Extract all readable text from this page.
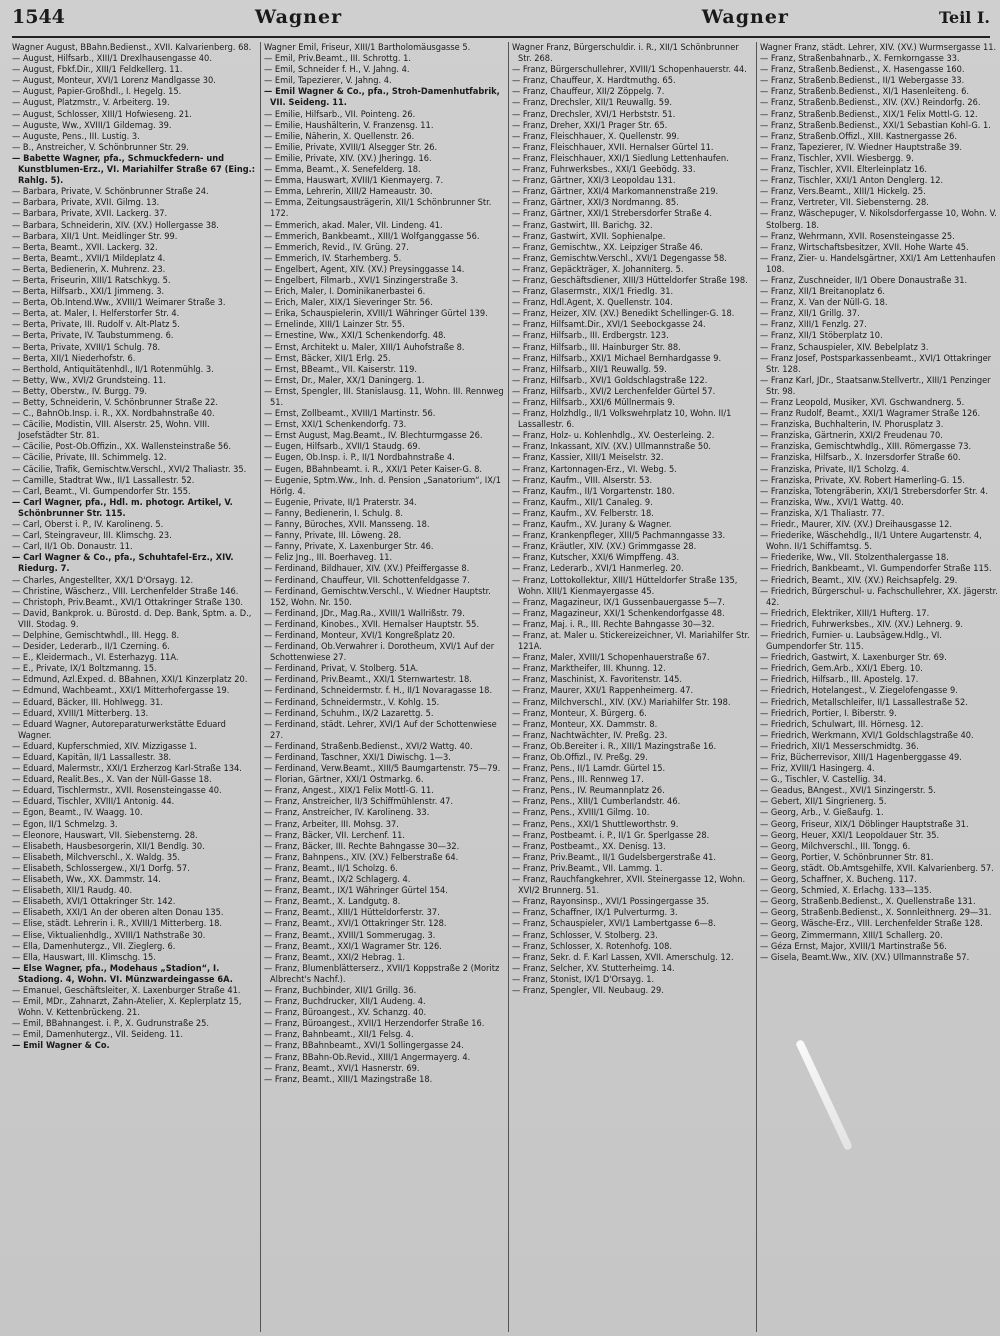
1544	Wagner	Wagner	Teil I.

Wagner August, BBahn.Bedienst., XVII. Kalvarienberg. 68.

— August, Hilfsarb., XIII/1 Drexlhausengasse 40.

— August, Fbkf.Dir., XIII/1 Feldkellerg. 11.

— August, Monteur, XVI/1 Lorenz Mandlgasse 30.

— August, Papier-Großhdl., I. Hegelg. 15.

— August, Platzmstr., V. Arbeiterg. 19.

— August, Schlosser, XIII/1 Hofwieseng. 21.

— Auguste, Ww., XVIII/1 Gildemag. 39.

— Auguste, Pens., III. Lustig. 3.

— B., Anstreicher, V. Schönbrunner Str. 29.

— Babette Wagner, pfa., Schmuckfedern- und Kunstblumen-Erz., VI. Mariahilfer Straße 67 (Eing.: Rahlg. 5).

— Barbara, Private, V. Schönbrunner Straße 24.

— Barbara, Private, XVII. Gilmg. 13.

— Barbara, Private, XVII. Lackerg. 37.

— Barbara, Schneiderin, XIV. (XV.) Hollergasse 38.

— Barbara, XII/1 Unt. Meidlinger Str. 99.

— Berta, Beamt., XVII. Lackerg. 32.

— Berta, Beamt., XVII/1 Mildeplatz 4.

— Berta, Bedienerin, X. Muhrenz. 23.

— Berta, Friseurin, XIII/1 Ratschkyg. 5.

— Berta, Hilfsarb., XXI/1 Jimmeng. 3.

— Berta, Ob.Intend.Ww., XVIII/1 Weimarer Straße 3.

— Berta, at. Maler, I. Helferstorfer Str. 4.

— Berta, Private, III. Rudolf v. Alt-Platz 5.

— Berta, Private, IV. Taubstummeng. 6.

— Berta, Private, XVIII/1 Schulg. 78.

— Berta, XII/1 Niederhofstr. 6.

— Berthold, Antiquitätenhdl., II/1 Rotenmühlg. 3.

— Betty, Ww., XVI/2 Grundsteing. 11.

— Betty, Oberstw., IV. Burgg. 79.

— Betty, Schneiderin, V. Schönbrunner Straße 22.

— C., BahnOb.Insp. i. R., XX. Nordbahnstraße 40.

— Cäcilie, Modistin, VIII. Alserstr. 25, Wohn. VIII. Josefstädter Str. 81.

— Cäcilie, Post-Ob.Offizin., XX. Wallensteinstraße 56.

— Cäcilie, Private, III. Schimmelg. 12.

— Cäcilie, Trafik, Gemischtw.Verschl., XVI/2 Thaliastr. 35.

— Camille, Stadtrat Ww., II/1 Lassallestr. 52.

— Carl, Beamt., VI. Gumpendorfer Str. 155.

— Carl Wagner, pfa., Hdl. m. photogr. Artikel, V. Schönbrunner Str. 115.

— Carl, Oberst i. P., IV. Karolineng. 5.

— Carl, Steingraveur, III. Klimschg. 23.

— Carl, II/1 Ob. Donaustr. 11.

— Carl Wagner & Co., pfa., Schuhtafel-Erz., XIV. Riedurg. 7.

— Charles, Angestellter, XX/1 D'Orsayg. 12.

— Christine, Wäscherz., VIII. Lerchenfelder Straße 146.

— Christoph, Priv.Beamt., XVI/1 Ottakringer Straße 130.

— David, Bankprok. u. Bürostd. d. Dep. Bank, Sptm. a. D., VIII. Stodag. 9.

— Delphine, Gemischtwhdl., III. Hegg. 8.

— Desider, Lederarb., II/1 Czerning. 6.

— E., Kleidermach., VI. Esterhazyg. 11A.

— E., Private, IX/1 Boltzmanng. 15.

— Edmund, Azl.Exped. d. BBahnen, XXI/1 Kinzerplatz 20.

— Edmund, Wachbeamt., XXI/1 Mitterhofergasse 19.

— Eduard, Bäcker, III. Hohlwegg. 31.

— Eduard, XVIII/1 Mitterberg. 13.

— Eduard Wagner, Autoreparaturwerkstätte Eduard Wagner.

— Eduard, Kupferschmied, XIV. Mizzigasse 1.

— Eduard, Kapitän, II/1 Lassallestr. 38.

— Eduard, Malermstr., XXI/1 Erzherzog Karl-Straße 134.

— Eduard, Realit.Bes., X. Van der Nüll-Gasse 18.

— Eduard, Tischlermstr., XVII. Rosensteingasse 40.

— Eduard, Tischler, XVIII/1 Antonig. 44.

— Egon, Beamt., IV. Waagg. 10.

— Egon, II/1 Schmelzg. 3.

— Eleonore, Hauswart, VII. Siebensterng. 28.

— Elisabeth, Hausbesorgerin, XII/1 Bendlg. 30.

— Elisabeth, Milchverschl., X. Waldg. 35.

— Elisabeth, Schlossergew., XI/1 Dorfg. 57.

— Elisabeth, Ww., XX. Dammstr. 14.

— Elisabeth, XII/1 Raudg. 40.

— Elisabeth, XVI/1 Ottakringer Str. 142.

— Elisabeth, XXI/1 An der oberen alten Donau 135.

— Elise, städt. Lehrerin i. R., XVIII/1 Mitterberg. 18.

— Elise, Viktualienhdlg., XVIII/1 Nathstraße 30.

— Ella, Damenhutergz., VII. Zieglerg. 6.

— Ella, Hauswart, III. Klimschg. 15.

— Else Wagner, pfa., Modehaus „Stadion“, I. Stadiong. 4, Wohn. VI. Münzwardeingasse 6A.

— Emanuel, Geschäftsleiter, X. Laxenburger Straße 41.

— Emil, MDr., Zahnarzt, Zahn-Atelier, X. Keplerplatz 15, Wohn. V. Kettenbrückeng. 21.

— Emil, BBahnangest. i. P., X. Gudrunstraße 25.

— Emil, Damenhutergz., VII. Seideng. 11.

— Emil Wagner & Co.

Wagner Emil, Friseur, XIII/1 Bartholomäusgasse 5.

— Emil, Priv.Beamt., III. Schrottg. 1.

— Emil, Schneider f. H., V. Jahng. 4.

— Emil, Tapezierer, V. Jahng. 4.

— Emil Wagner & Co., pfa., Stroh-Damenhutfabrik, VII. Seideng. 11.

— Emilie, Hilfsarb., VII. Pointeng. 26.

— Emilie, Haushälterin, V. Franzensg. 11.

— Emilie, Näherin, X. Quellenstr. 26.

— Emilie, Private, XVIII/1 Alsegger Str. 26.

— Emilie, Private, XIV. (XV.) Jheringg. 16.

— Emma, Beamt., X. Senefelderg. 18.

— Emma, Hauswart, XVIII/1 Kienmayerg. 7.

— Emma, Lehrerin, XIII/2 Hameaustr. 30.

— Emma, Zeitungsausträgerin, XII/1 Schönbrunner Str. 172.

— Emmerich, akad. Maler, VII. Lindeng. 41.

— Emmerich, Bankbeamt., XIII/1 Wolfganggasse 56.

— Emmerich, Revid., IV. Grüng. 27.

— Emmerich, IV. Starhemberg. 5.

— Engelbert, Agent, XIV. (XV.) Preysinggasse 14.

— Engelbert, Filmarb., XVI/1 Sinzingerstraße 3.

— Erich, Maler, I. Dominikanerbastei 6.

— Erich, Maler, XIX/1 Sieveringer Str. 56.

— Erika, Schauspielerin, XVIII/1 Währinger Gürtel 139.

— Ernelinde, XIII/1 Lainzer Str. 55.

— Ernestine, Ww., XXI/1 Schenkendorfg. 48.

— Ernst, Architekt u. Maler, XIII/1 Auhofstraße 8.

— Ernst, Bäcker, XII/1 Erlg. 25.

— Ernst, BBeamt., VII. Kaiserstr. 119.

— Ernst, Dr., Maler, XX/1 Daningerg. 1.

— Ernst, Spengler, III. Stanislausg. 11, Wohn. III. Rennweg 51.

— Ernst, Zollbeamt., XVIII/1 Martinstr. 56.

— Ernst, XXI/1 Schenkendorfg. 73.

— Ernst August, Mag.Beamt., IV. Blechturmgasse 26.

— Eugen, Hilfsarb., XVII/1 Staudg. 69.

— Eugen, Ob.Insp. i. P., II/1 Nordbahnstraße 4.

— Eugen, BBahnbeamt. i. R., XXI/1 Peter Kaiser-G. 8.

— Eugenie, Sptm.Ww., Inh. d. Pension „Sanatorium“, IX/1 Hörlg. 4.

— Eugenie, Private, II/1 Praterstr. 34.

— Fanny, Bedienerin, I. Schulg. 8.

— Fanny, Büroches, XVII. Mansseng. 18.

— Fanny, Private, III. Löweng. 28.

— Fanny, Private, X. Laxenburger Str. 46.

— Feliz Jng., III. Boerhaveg. 11.

— Ferdinand, Bildhauer, XIV. (XV.) Pfeiffergasse 8.

— Ferdinand, Chauffeur, VII. Schottenfeldgasse 7.

— Ferdinand, Gemischtw.Verschl., V. Wiedner Hauptstr. 152, Wohn. Nr. 150.

— Ferdinand, JDr., Mag.Ra., XVIII/1 Wallrißstr. 79.

— Ferdinand, Kinobes., XVII. Hernalser Hauptstr. 55.

— Ferdinand, Monteur, XVI/1 Kongreßplatz 20.

— Ferdinand, Ob.Verwahrer i. Dorotheum, XVI/1 Auf der Schottenwiese 27.

— Ferdinand, Privat, V. Stolberg. 51A.

— Ferdinand, Priv.Beamt., XXI/1 Sternwartestr. 18.

— Ferdinand, Schneidermstr. f. H., II/1 Novaragasse 18.

— Ferdinand, Schneidermstr., V. Kohlg. 15.

— Ferdinand, Schuhm., IX/2 Lazarettg. 5.

— Ferdinand, städt. Lehrer, XVI/1 Auf der Schottenwiese 27.

— Ferdinand, Straßenb.Bedienst., XVI/2 Wattg. 40.

— Ferdinand, Taschner, XXI/1 Diwischg. 1—3.

— Ferdinand, Verw.Beamt., XIII/5 Baumgartenstr. 75—79.

— Florian, Gärtner, XXI/1 Ostmarkg. 6.

— Franz, Angest., XIX/1 Felix Mottl-G. 11.

— Franz, Anstreicher, II/3 Schiffmühlenstr. 47.

— Franz, Anstreicher, IV. Karolineng. 33.

— Franz, Arbeiter, III. Mohsg. 37.

— Franz, Bäcker, VII. Lerchenf. 11.

— Franz, Bäcker, III. Rechte Bahngasse 30—32.

— Franz, Bahnpens., XIV. (XV.) Felberstraße 64.

— Franz, Beamt., II/1 Scholzg. 6.

— Franz, Beamt., IX/2 Schlagerg. 4.

— Franz, Beamt., IX/1 Währinger Gürtel 154.

— Franz, Beamt., X. Landgutg. 8.

— Franz, Beamt., XIII/1 Hütteldorferstr. 37.

— Franz, Beamt., XVI/1 Ottakringer Str. 128.

— Franz, Beamt., XVIII/1 Sommerugag. 3.

— Franz, Beamt., XXI/1 Wagramer Str. 126.

— Franz, Beamt., XXI/2 Hebrag. 1.

— Franz, Blumenblätterserz., XVII/1 Koppstraße 2 (Moritz Albrecht's Nachf.).

— Franz, Buchbinder, XII/1 Grillg. 36.

— Franz, Buchdrucker, XII/1 Audeng. 4.

— Franz, Büroangest., XV. Schanzg. 40.

— Franz, Büroangest., XVII/1 Herzendorfer Straße 16.

— Franz, Bahnbeamt., XII/1 Felsg. 4.

— Franz, BBahnbeamt., XVI/1 Sollingergasse 24.

— Franz, BBahn-Ob.Revid., XIII/1 Angermayerg. 4.

— Franz, Beamt., XVI/1 Hasnerstr. 69.

— Franz, Beamt., XIII/1 Mazingstraße 18.

Wagner Franz, Bürgerschuldir. i. R., XII/1 Schönbrunner Str. 268.

— Franz, Bürgerschullehrer, XVIII/1 Schopenhauerstr. 44.

— Franz, Chauffeur, X. Hardtmuthg. 65.

— Franz, Chauffeur, XII/2 Zöppelg. 7.

— Franz, Drechsler, XII/1 Reuwallg. 59.

— Franz, Drechsler, XVI/1 Herbststr. 51.

— Franz, Dreher, XXI/1 Prager Str. 65.

— Franz, Fleischhauer, X. Quellenstr. 99.

— Franz, Fleischhauer, XVII. Hernalser Gürtel 11.

— Franz, Fleischhauer, XXI/1 Siedlung Lettenhaufen.

— Franz, Fuhrwerksbes., XXI/1 Geebödg. 33.

— Franz, Gärtner, XXI/3 Leopoldau 131.

— Franz, Gärtner, XXI/4 Markomannenstraße 219.

— Franz, Gärtner, XXI/3 Nordmanng. 85.

— Franz, Gärtner, XXI/1 Strebersdorfer Straße 4.

— Franz, Gastwirt, III. Barichg. 32.

— Franz, Gastwirt, XVII. Sophienalpe.

— Franz, Gemischtw., XX. Leipziger Straße 46.

— Franz, Gemischtw.Verschl., XVI/1 Degengasse 58.

— Franz, Gepäckträger, X. Johanniterg. 5.

— Franz, Geschäftsdiener, XIII/3 Hütteldorfer Straße 198.

— Franz, Glasermstr., XIX/1 Friedlg. 31.

— Franz, Hdl.Agent, X. Quellenstr. 104.

— Franz, Heizer, XIV. (XV.) Benedikt Schellinger-G. 18.

— Franz, Hilfsamt.Dir., XVI/1 Seebockgasse 24.

— Franz, Hilfsarb., III. Erdbergstr. 123.

— Franz, Hilfsarb., III. Hainburger Str. 88.

— Franz, Hilfsarb., XXI/1 Michael Bernhardgasse 9.

— Franz, Hilfsarb., XII/1 Reuwallg. 59.

— Franz, Hilfsarb., XVI/1 Goldschlagstraße 122.

— Franz, Hilfsarb., XVI/2 Lerchenfelder Gürtel 57.

— Franz, Hilfsarb., XXI/6 Müllnermais 9.

— Franz, Holzhdlg., II/1 Volkswehrplatz 10, Wohn. II/1 Lassallestr. 6.

— Franz, Holz- u. Kohlenhdlg., XV. Oesterleing. 2.

— Franz, Inkassant, XIV. (XV.) Ullmannstraße 50.

— Franz, Kassier, XIII/1 Meiselstr. 32.

— Franz, Kartonnagen-Erz., VI. Webg. 5.

— Franz, Kaufm., VIII. Alserstr. 53.

— Franz, Kaufm., II/1 Vorgartenstr. 180.

— Franz, Kaufm., XII/1 Canaleg. 9.

— Franz, Kaufm., XV. Felberstr. 18.

— Franz, Kaufm., XV. Jurany & Wagner.

— Franz, Krankenpfleger, XIII/5 Pachmanngasse 33.

— Franz, Kräutler, XIV. (XV.) Grimmgasse 28.

— Franz, Kutscher, XXI/6 Wimpffeng. 43.

— Franz, Lederarb., XVI/1 Hanmerleg. 20.

— Franz, Lottokollektur, XIII/1 Hütteldorfer Straße 135, Wohn. XIII/1 Kienmayergasse 45.

— Franz, Magazineur, IX/1 Gussenbauergasse 5—7.

— Franz, Magazineur, XXI/1 Schenkendorfgasse 48.

— Franz, Maj. i. R., III. Rechte Bahngasse 30—32.

— Franz, at. Maler u. Stickereizeichner, VI. Mariahilfer Str. 121A.

— Franz, Maler, XVIII/1 Schopenhauerstraße 67.

— Franz, Marktheifer, III. Khunng. 12.

— Franz, Maschinist, X. Favoritenstr. 145.

— Franz, Maurer, XXI/1 Rappenheimerg. 47.

— Franz, Milchverschl., XIV. (XV.) Mariahilfer Str. 198.

— Franz, Monteur, X. Bürgerg. 6.

— Franz, Monteur, XX. Dammstr. 8.

— Franz, Nachtwächter, IV. Preßg. 23.

— Franz, Ob.Bereiter i. R., XIII/1 Mazingstraße 16.

— Franz, Ob.Offizl., IV. Preßg. 29.

— Franz, Pens., II/1 Lamdr. Gürtel 15.

— Franz, Pens., III. Rennweg 17.

— Franz, Pens., IV. Reumannplatz 26.

— Franz, Pens., XIII/1 Cumberlandstr. 46.

— Franz, Pens., XVIII/1 Gilmg. 10.

— Franz, Pens., XXI/1 Shuttleworthstr. 9.

— Franz, Postbeamt. i. P., II/1 Gr. Sperlgasse 28.

— Franz, Postbeamt., XX. Denisg. 13.

— Franz, Priv.Beamt., II/1 Gudelsbergerstraße 41.

— Franz, Priv.Beamt., VII. Lammg. 1.

— Franz, Rauchfangkehrer, XVII. Steinergasse 12, Wohn. XVI/2 Brunnerg. 51.

— Franz, Rayonsinsp., XVI/1 Possingergasse 35.

— Franz, Schaffner, IX/1 Pulverturmg. 3.

— Franz, Schauspieler, XVI/1 Lambertgasse 6—8.

— Franz, Schlosser, V. Stolberg. 23.

— Franz, Schlosser, X. Rotenhofg. 108.

— Franz, Sekr. d. F. Karl Lassen, XVII. Amerschulg. 12.

— Franz, Selcher, XV. Stutterheimg. 14.

— Franz, Stonist, IX/1 D'Orsayg. 1.

— Franz, Spengler, VII. Neubaug. 29.

Wagner Franz, städt. Lehrer, XIV. (XV.) Wurmsergasse 11.

— Franz, Straßenbahnarb., X. Fernkorngasse 33.

— Franz, Straßenb.Bedienst., X. Hasengasse 160.

— Franz, Straßenb.Bedienst., II/1 Webergasse 33.

— Franz, Straßenb.Bedienst., XI/1 Hasenleiteng. 6.

— Franz, Straßenb.Bedienst., XIV. (XV.) Reindorfg. 26.

— Franz, Straßenb.Bedienst., XIX/1 Felix Mottl-G. 12.

— Franz, Straßenb.Bedienst., XXI/1 Sebastian Kohl-G. 1.

— Franz, Straßenb.Offizl., XIII. Kastnergasse 26.

— Franz, Tapezierer, IV. Wiedner Hauptstraße 39.

— Franz, Tischler, XVII. Wiesbergg. 9.

— Franz, Tischler, XVII. Elterleinplatz 16.

— Franz, Tischler, XXI/1 Anton Denglerg. 12.

— Franz, Vers.Beamt., XIII/1 Hickelg. 25.

— Franz, Vertreter, VII. Siebensterng. 28.

— Franz, Wäschepuger, V. Nikolsdorfergasse 10, Wohn. V. Stolberg. 18.

— Franz, Wehrmann, XVII. Rosensteingasse 25.

— Franz, Wirtschaftsbesitzer, XVII. Hohe Warte 45.

— Franz, Zier- u. Handelsgärtner, XXI/1 Am Lettenhaufen 108.

— Franz, Zuschneider, II/1 Obere Donaustraße 31.

— Franz, XII/1 Breitanoplatz 6.

— Franz, X. Van der Nüll-G. 18.

— Franz, XII/1 Grillg. 37.

— Franz, XIII/1 Fenzlg. 27.

— Franz, XII/1 Stöberplatz 10.

— Franz, Schauspieler, XIV. Bebelplatz 3.

— Franz Josef, Postsparkassenbeamt., XVI/1 Ottakringer Str. 128.

— Franz Karl, JDr., Staatsanw.Stellvertr., XIII/1 Penzinger Str. 98.

— Franz Leopold, Musiker, XVI. Gschwandnerg. 5.

— Franz Rudolf, Beamt., XXI/1 Wagramer Straße 126.

— Franziska, Buchhalterin, IV. Phorusplatz 3.

— Franziska, Gärtnerin, XXI/2 Freudenau 70.

— Franziska, Gemischtwhdlg., XIII. Römergasse 73.

— Franziska, Hilfsarb., X. Inzersdorfer Straße 60.

— Franziska, Private, II/1 Scholzg. 4.

— Franziska, Private, XV. Robert Hamerling-G. 15.

— Franziska, Totengräberin, XXI/1 Strebersdorfer Str. 4.

— Franziska, Ww., XVI/1 Wattg. 40.

— Franziska, X/1 Thaliastr. 77.

— Friedr., Maurer, XIV. (XV.) Dreihausgasse 12.

— Friederike, Wäschehdlg., II/1 Untere Augartenstr. 4, Wohn. II/1 Schiffamtsg. 5.

— Friederike, Ww., VII. Stolzenthalergasse 18.

— Friedrich, Bankbeamt., VI. Gumpendorfer Straße 115.

— Friedrich, Beamt., XIV. (XV.) Reichsapfelg. 29.

— Friedrich, Bürgerschul- u. Fachschullehrer, XX. Jägerstr. 42.

— Friedrich, Elektriker, XIII/1 Hufterg. 17.

— Friedrich, Fuhrwerksbes., XIV. (XV.) Lehnerg. 9.

— Friedrich, Furnier- u. Laubsägew.Hdlg., VI. Gumpendorfer Str. 115.

— Friedrich, Gastwirt, X. Laxenburger Str. 69.

— Friedrich, Gem.Arb., XXI/1 Eberg. 10.

— Friedrich, Hilfsarb., III. Apostelg. 17.

— Friedrich, Hotelangest., V. Ziegelofengasse 9.

— Friedrich, Metallschleifer, II/1 Lassallestraße 52.

— Friedrich, Portier, I. Biberstr. 9.

— Friedrich, Schulwart, III. Hörnesg. 12.

— Friedrich, Werkmann, XVI/1 Goldschlagstraße 40.

— Friedrich, XII/1 Messerschmidtg. 36.

— Friz, Bücherrevisor, XIII/1 Hagenberggasse 49.

— Friz, XVIII/1 Hasingerg. 4.

— G., Tischler, V. Castellig. 34.

— Geadus, BAngest., XVI/1 Sinzingerstr. 5.

— Gebert, XII/1 Singrienerg. 5.

— Georg, Arb., V. Gießaufg. 1.

— Georg, Friseur, XIX/1 Döblinger Hauptstraße 31.

— Georg, Heuer, XXI/1 Leopoldauer Str. 35.

— Georg, Milchverschl., III. Tongg. 6.

— Georg, Portier, V. Schönbrunner Str. 81.

— Georg, städt. Ob.Amtsgehilfe, XVII. Kalvarienberg. 57.

— Georg, Schaffner, X. Bucheng. 117.

— Georg, Schmied, X. Erlachg. 133—135.

— Georg, Straßenb.Bedienst., X. Quellenstraße 131.

— Georg, Straßenb.Bedienst., X. Sonnleithnerg. 29—31.

— Georg, Wäsche-Erz., VIII. Lerchenfelder Straße 128.

— Georg, Zimmermann, XIII/1 Schallerg. 20.

— Géza Ernst, Major, XVIII/1 Martinstraße 56.

— Gisela, Beamt.Ww., XIV. (XV.) Ullmannstraße 57.
